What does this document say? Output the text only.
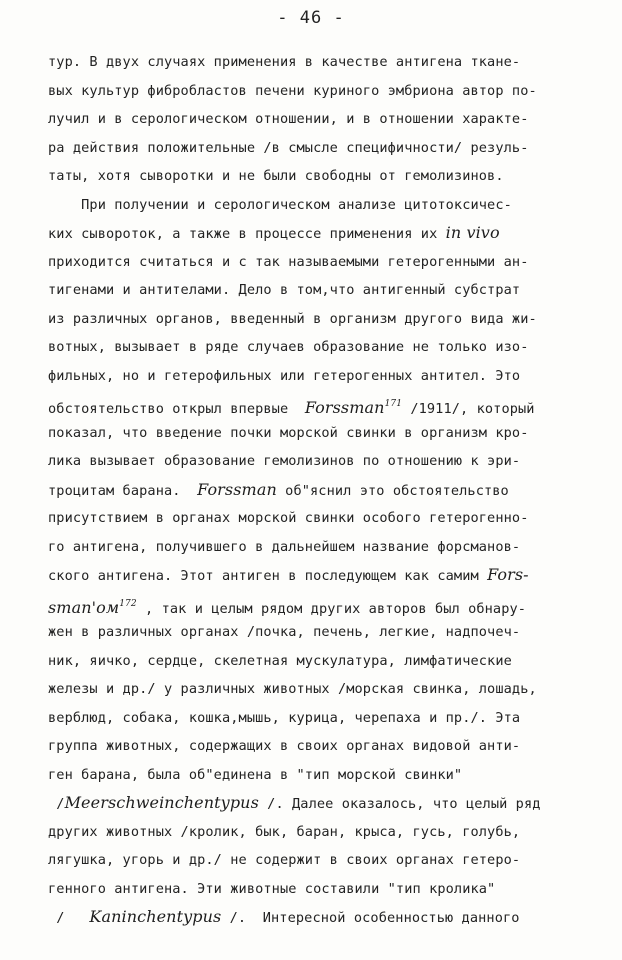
- 46 -
тур. В двух случаях применения в качестве антигена ткане-
вых культур фибробластов печени куриного эмбриона автор по-
лучил и в серологическом отношении, и в отношении характе-
ра действия положительные /в смысле специфичности/ резуль-
таты, хотя сыворотки и не были свободны от гемолизинов.
При получении и серологическом анализе цитотоксичес-
ких сывороток, а также в процессе применения их in vivo
приходится считаться и с так называемыми гетерогенными ан-
тигенами и антителами. Дело в том,что антигенный субстрат
из различных органов, введенный в организм другого вида жи-
вотных, вызывает в ряде случаев образование не только изо-
фильных, но и гетерофильных или гетерогенных антител. Это
обстоятельство открыл впервые  Forssman$^{171}$ /1911/, который
показал, что введение почки морской свинки в организм кро-
лика вызывает образование гемолизинов по отношению к эри-
троцитам барана.  Forssman об"яснил это обстоятельство
присутствием в органах морской свинки особого гетерогенно-
го антигена, получившего в дальнейшем название форсманов-
ского антигена. Этот антиген в последующем как самим Fors-
$sman'ом^{172}$ , так и целым рядом других авторов был обнару-
жен в различных органах /почка, печень, легкие, надпочеч-
ник, яичко, сердце, скелетная мускулатура, лимфатические
железы и др./ у различных животных /морская свинка, лошадь,
верблюд, собака, кошка,мышь, курица, черепаха и пр./. Эта
группа животных, содержащих в своих органах видовой анти-
ген барана, была об"единена в "тип морской свинки"
/Meerschweinchentypus /. Далее оказалось, что целый ряд
других животных /кролик, бык, баран, крыса, гусь, голубь,
лягушка, угорь и др./ не содержит в своих органах гетеро-
генного антигена. Эти животные составили "тип кролика"
/   Kaninchentypus /.  Интересной особенностью данного
